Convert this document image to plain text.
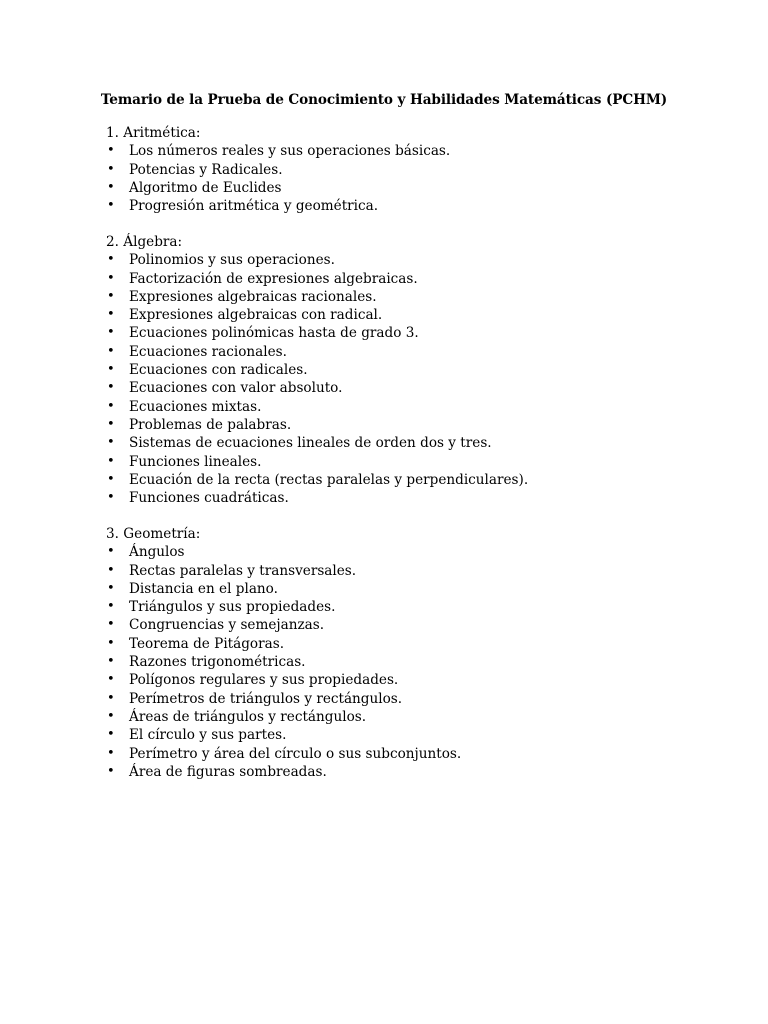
Temario de la Prueba de Conocimiento y Habilidades Matemáticas (PCHM)

1. Aritmética:

• Los números reales y sus operaciones básicas.
• Potencias y Radicales.
• Algoritmo de Euclides
• Progresión aritmética y geométrica.

2. Álgebra:

• Polinomios y sus operaciones.
• Factorización de expresiones algebraicas.
• Expresiones algebraicas racionales.
• Expresiones algebraicas con radical.
• Ecuaciones polinómicas hasta de grado 3.
• Ecuaciones racionales.
• Ecuaciones con radicales.
• Ecuaciones con valor absoluto.
• Ecuaciones mixtas.
• Problemas de palabras.
• Sistemas de ecuaciones lineales de orden dos y tres.
• Funciones lineales.
• Ecuación de la recta (rectas paralelas y perpendiculares).
• Funciones cuadráticas.

3. Geometría:

• Ángulos
• Rectas paralelas y transversales.
• Distancia en el plano.
• Triángulos y sus propiedades.
• Congruencias y semejanzas.
• Teorema de Pitágoras.
• Razones trigonométricas.
• Polígonos regulares y sus propiedades.
• Perímetros de triángulos y rectángulos.
• Áreas de triángulos y rectángulos.
• El círculo y sus partes.
• Perímetro y área del círculo o sus subconjuntos.
• Área de figuras sombreadas.
